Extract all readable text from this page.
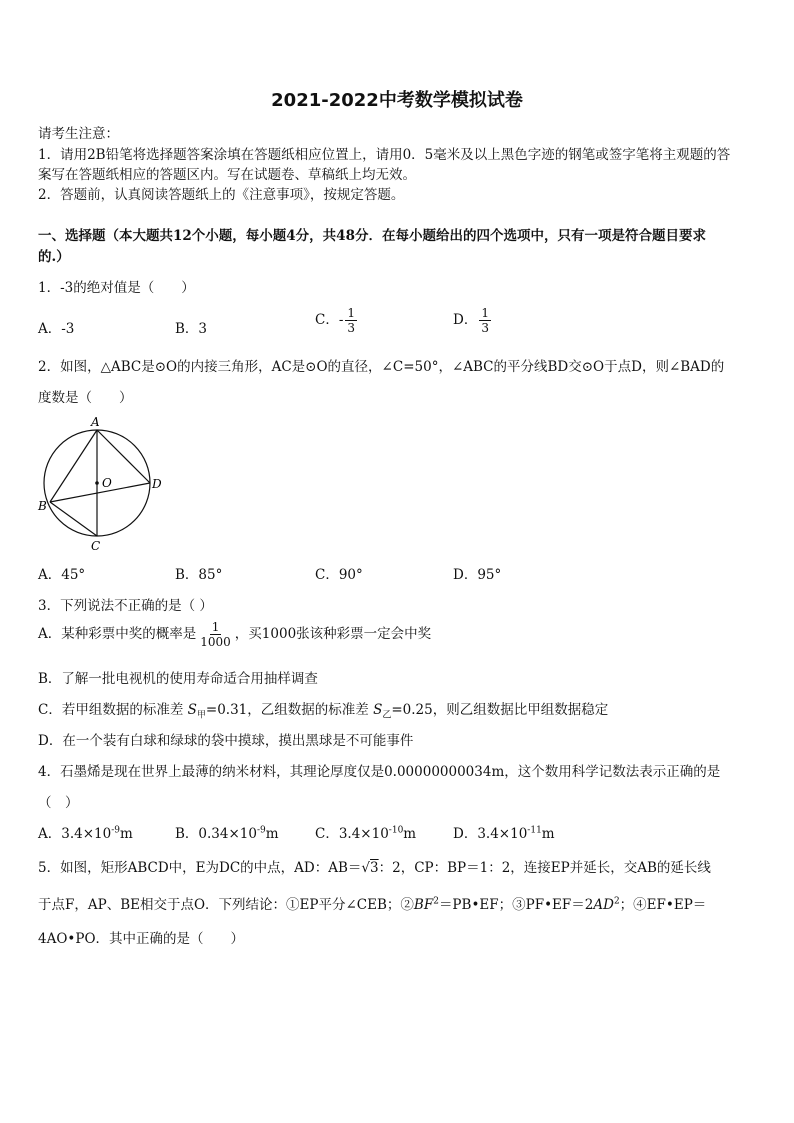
2021-2022中考数学模拟试卷
请考生注意：
1．请用2B铅笔将选择题答案涂填在答题纸相应位置上，请用0．5毫米及以上黑色字迹的钢笔或签字笔将主观题的答
案写在答题纸相应的答题区内。写在试题卷、草稿纸上均无效。
2．答题前，认真阅读答题纸上的《注意事项》，按规定答题。
一、选择题（本大题共12个小题，每小题4分，共48分．在每小题给出的四个选项中，只有一项是符合题目要求
的.）
1．-3的绝对值是（　　）
A．-3	B．3
C．- $\frac{1}{3}$	D． $\frac{1}{3}$
2．如图，△ABC是⊙O的内接三角形，AC是⊙O的直径，∠C=50°，∠ABC的平分线BD交⊙O于点D，则∠BAD的
度数是（　　）
A
B
C
D
O
A．45°	B．85°	C．90°	D．95°
3．下列说法不正确的是（ ）
A．某种彩票中奖的概率是 $\frac{1}{1000}$ ，买1000张该种彩票一定会中奖
B．了解一批电视机的使用寿命适合用抽样调查
C．若甲组数据的标准差 $S_甲=0.31$，乙组数据的标准差 $S_乙=0.25$，则乙组数据比甲组数据稳定
D．在一个装有白球和绿球的袋中摸球，摸出黑球是不可能事件
4．石墨烯是现在世界上最薄的纳米材料，其理论厚度仅是0.00000000034m，这个数用科学记数法表示正确的是
（　）
A．$3.4\times 10^{-9}m$	B．$0.34\times 10^{-9}m$	C．$3.4\times 10^{-10}m$	D．$3.4\times 10^{-11}m$
5．如图，矩形ABCD中，E为DC的中点，AD：AB＝√3：2，CP：BP＝1：2，连接EP并延长，交AB的延长线
于点F，AP、BE相交于点O．下列结论：①EP平分∠CEB；$②BF^2=PB•EF$；$③PF•EF=2AD^2$；④EF•EP＝
4AO•PO．其中正确的是（　　）
